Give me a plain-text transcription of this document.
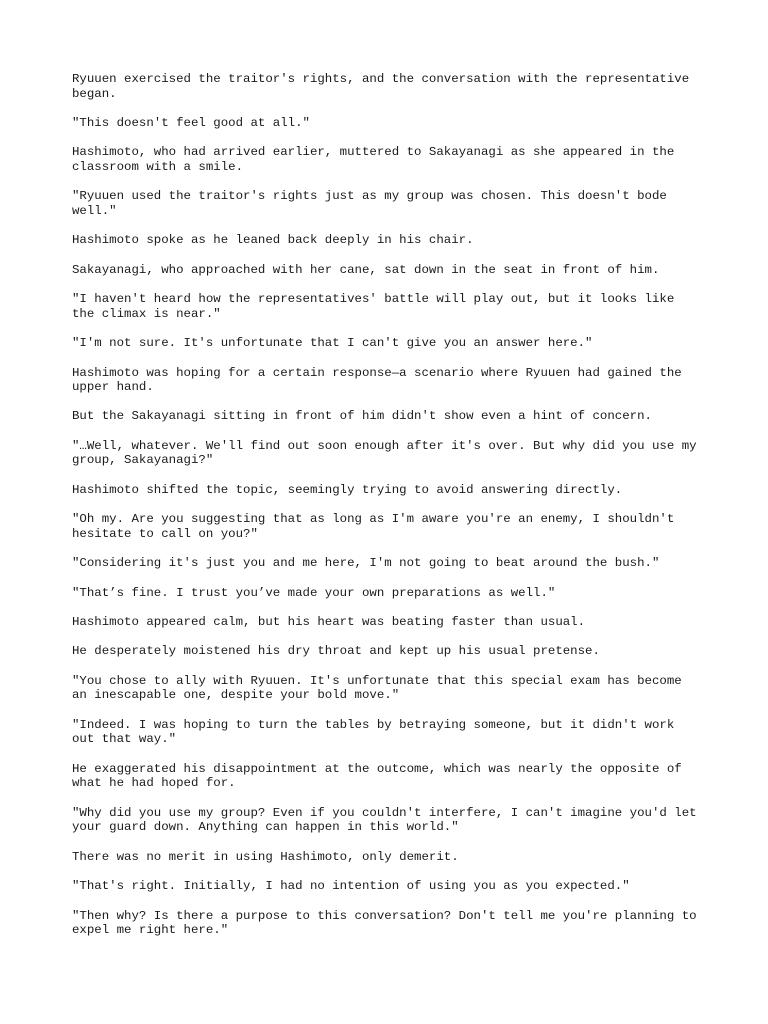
Ryuuen exercised the traitor's rights, and the conversation with the representative began.

"This doesn't feel good at all."

Hashimoto, who had arrived earlier, muttered to Sakayanagi as she appeared in the classroom with a smile.

"Ryuuen used the traitor's rights just as my group was chosen. This doesn't bode well."

Hashimoto spoke as he leaned back deeply in his chair.

Sakayanagi, who approached with her cane, sat down in the seat in front of him.

"I haven't heard how the representatives' battle will play out, but it looks like the climax is near."

"I'm not sure. It's unfortunate that I can't give you an answer here."

Hashimoto was hoping for a certain response—a scenario where Ryuuen had gained the upper hand.

But the Sakayanagi sitting in front of him didn't show even a hint of concern.

"…Well, whatever. We'll find out soon enough after it's over. But why did you use my group, Sakayanagi?"

Hashimoto shifted the topic, seemingly trying to avoid answering directly.

"Oh my. Are you suggesting that as long as I'm aware you're an enemy, I shouldn't hesitate to call on you?"

"Considering it's just you and me here, I'm not going to beat around the bush."

"That’s fine. I trust you’ve made your own preparations as well."

Hashimoto appeared calm, but his heart was beating faster than usual.

He desperately moistened his dry throat and kept up his usual pretense.

"You chose to ally with Ryuuen. It's unfortunate that this special exam has become an inescapable one, despite your bold move."

"Indeed. I was hoping to turn the tables by betraying someone, but it didn't work out that way."

He exaggerated his disappointment at the outcome, which was nearly the opposite of what he had hoped for.

"Why did you use my group? Even if you couldn't interfere, I can't imagine you'd let your guard down. Anything can happen in this world."

There was no merit in using Hashimoto, only demerit.

"That's right. Initially, I had no intention of using you as you expected."

"Then why? Is there a purpose to this conversation? Don't tell me you're planning to expel me right here."
